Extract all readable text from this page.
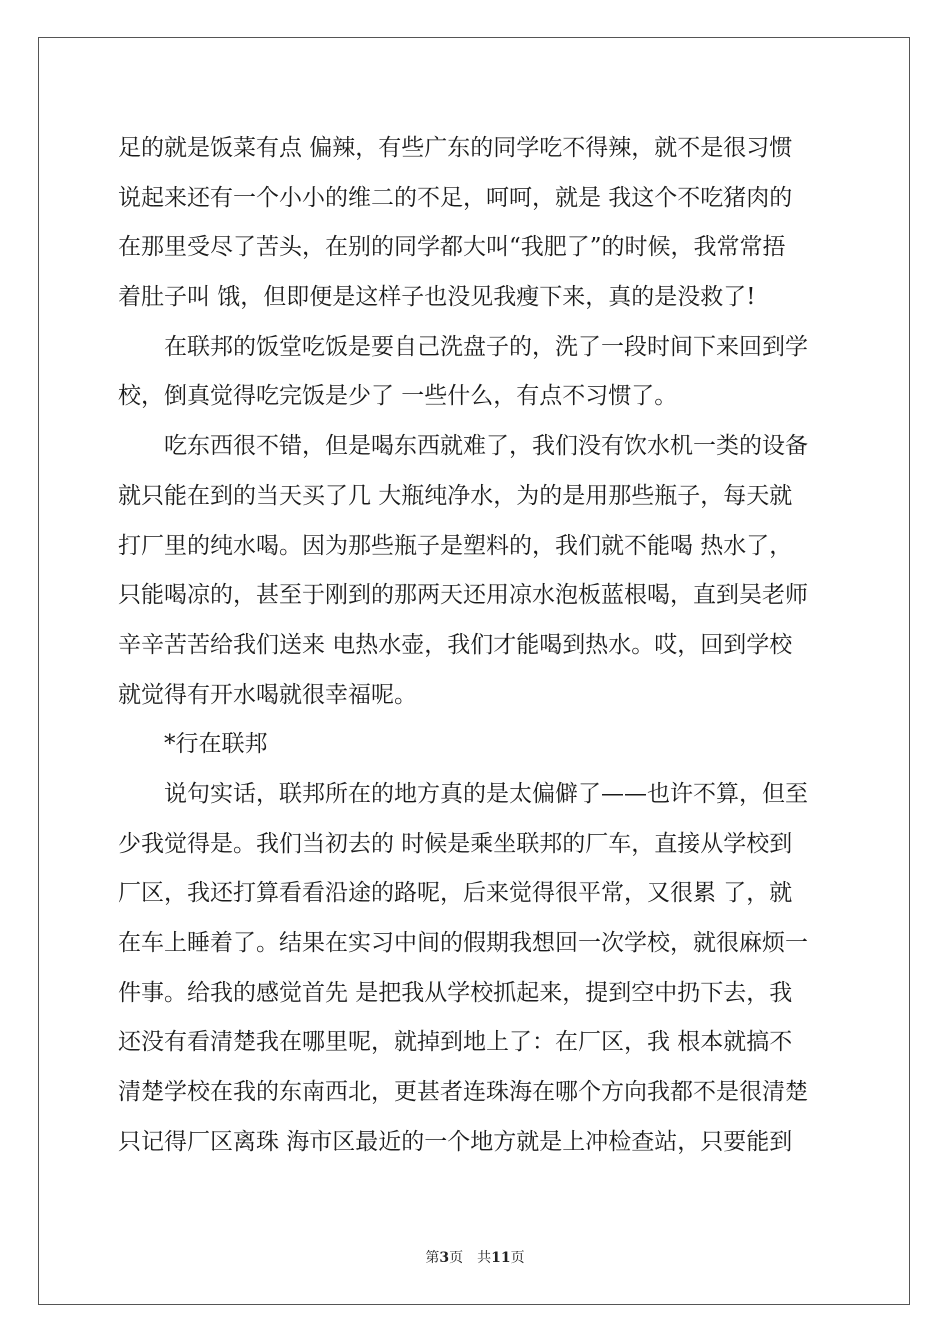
足的就是饭菜有点 偏辣，有些广东的同学吃不得辣，就不是很习惯
说起来还有一个小小的维二的不足，呵呵，就是 我这个不吃猪肉的
在那里受尽了苦头，在别的同学都大叫“我肥了”的时候，我常常捂
着肚子叫 饿，但即便是这样子也没见我瘦下来，真的是没救了!
在联邦的饭堂吃饭是要自己洗盘子的，洗了一段时间下来回到学
校，倒真觉得吃完饭是少了 一些什么，有点不习惯了。
吃东西很不错，但是喝东西就难了，我们没有饮水机一类的设备
就只能在到的当天买了几 大瓶纯净水，为的是用那些瓶子，每天就
打厂里的纯水喝。因为那些瓶子是塑料的，我们就不能喝 热水了，
只能喝凉的，甚至于刚到的那两天还用凉水泡板蓝根喝，直到吴老师
辛辛苦苦给我们送来 电热水壶，我们才能喝到热水。哎，回到学校
就觉得有开水喝就很幸福呢。
*行在联邦
说句实话，联邦所在的地方真的是太偏僻了——也许不算，但至
少我觉得是。我们当初去的 时候是乘坐联邦的厂车，直接从学校到
厂区，我还打算看看沿途的路呢，后来觉得很平常，又很累 了，就
在车上睡着了。结果在实习中间的假期我想回一次学校，就很麻烦一
件事。给我的感觉首先 是把我从学校抓起来，提到空中扔下去，我
还没有看清楚我在哪里呢，就掉到地上了：在厂区，我 根本就搞不
清楚学校在我的东南西北，更甚者连珠海在哪个方向我都不是很清楚
只记得厂区离珠 海市区最近的一个地方就是上冲检查站，只要能到
第3页 共11页
